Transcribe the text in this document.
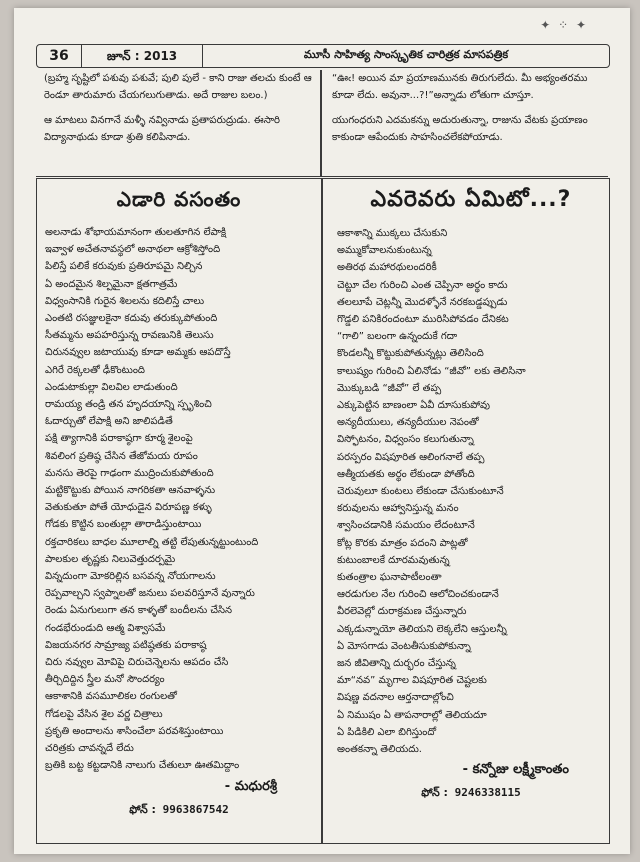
✦ ⁘ ✦
36	జూన్ : 2013	మూసీ సాహిత్య సాంస్కృతిక చారిత్రక మాసపత్రిక

(బ్రహ్మ సృష్టిలో పశువు పశువే; పులి పులే - కాని రాజు తలచు కుంటే ఆ రెండూ తారుమారు చేయగలుగుతాడు. అదే రాజుల బలం.)

ఆ మాటలు వినగానే మళ్ళీ నవ్వినాడు ప్రతాపరుద్రుడు. ఈసారి విద్యానాథుడు కూడా శ్రుతి కలిపినాడు.

“ఊఁ! అయిన మా ప్రయాణమునకు తిరుగులేదు. మీ అభ్యంతరము కూడా లేదు. అవునా...?!”అన్నాడు లోతుగా చూస్తూ.

యుగంధరుని ఎదమకన్ను అదురుతున్నా, రాజును వేటకు ప్రయాణం కాకుండా ఆపేందుకు సాహసించలేకపోయాడు.

ఎడారి వసంతం
అలనాడు శోభాయమానంగా తులతూగిన లేపాక్షి
ఇవ్వాళ అచేతనావస్థలో అనాథలా ఆక్రోశిస్తోంది
పిలిస్తే పలికే కరువుకు ప్రతిరూపమై నిల్చిన
ఏ అందమైన శిల్పమైనా క్షతగాత్రమే
విధ్వంసానికి గురైన శిలలను కదిలిస్తే చాలు
ఎంతటి రసజ్ఞులకైనా కదువు తరుక్కుపోతుంది
సీతమ్మను అపహరిస్తున్న రావణునికి తెలుసు
చిరునవ్వుల జటాయువు కూడా అమ్మకు ఆపదొస్తే
ఎగిరే రెక్కలతో ఢీకొంటుంది
ఎండుటాకుల్లా విలవిల లాడుతుంది
రామయ్య తండ్రి తన హృదయాన్ని స్పృశించి
ఓదార్చుతో లేపాక్షి అని జాలిపడితే
పక్షి త్యాగానికి పరాకాష్ఠగా కూర్మ శైలంపై
శివలింగ ప్రతిష్ఠ చేసిన తేజోమయ రూపం
మనసు తెరపై గాఢంగా ముద్రించుకుపోతుంది
మట్టికొట్టుకు పోయిన నాగరికతా ఆనవాళ్ళను
వెతుకుతూ పోతే యోధుడైన విరూపణ్ణ కళ్ళు
గోడకు కొట్టిన బంతుల్లా తారాడిస్తుంటాయి
రక్తచారికలు బాధల మూలాల్ని తట్టి లేపుతున్నట్టుంటుంది
పాలకుల తృష్ణకు నిలువెత్తుదర్పమై
విన్నదుంగా మోకరిల్లిన బసవన్న నోయగాలను
రెప్పవాల్చని స్వప్నాలతో జనులు పలవరిస్తూనే వున్నారు
రెండు ఏనుగులుగా తన కాళ్ళతో బందీలను చేసిన
గండభేరుండుది ఆత్మ విశ్వాసమే
విజయనగర సామ్రాజ్య పటిష్ఠతకు పరాకాష్ఠ
చిరు నవ్వుల మోవిపై చిరుచెన్నెలను ఆపదం చేసి
తీర్చిదిద్దిన స్త్రీల మనో సౌందర్యం
ఆకాశానికి వసమూలికల రంగులతో
గోడలపై వేసిన శైల వర్ణ చిత్రాలు
ప్రకృతి అందాలను శాసించేలా పరవశిస్తుంటాయి
చరిత్రకు చావన్నదే లేదు
బ్రతికి బట్ట కట్టడానికి నాలుగు చేతులూ ఊతమిద్దాం
- మధురశ్రీ
ఫోన్ : 9963867542
ఎవరెవరు ఏమిటో...?
ఆకాశాన్ని ముక్కలు చేసుకుని
అమ్ముకోవాలనుకుంటున్న
అతిరథ మహారథులందరికీ
చెట్టూ చేల గురించి ఎంత చెప్పినా అర్థం కాదు
తలలూపే చెట్లన్నీ మొదళ్ళోనే నరకబడ్డప్పుడు
గొడ్డలి పనికిరందంటూ మురిసిపోవడం దేనికట
“గాలి” బలంగా ఉన్నందుకే గదా
కొండలన్నీ కొట్టుకుపోతున్నట్లు తెలిసింది
కాలుష్యం గురించి ఏలినోడు “జీవో” లకు తెలిసినా
మొక్కుబడి “జీవో” లే తప్ప
ఎక్కుపెట్టిన బాణంలా ఏవీ దూసుకుపోవు
అన్యదీయులు, తన్యదీయుల నెపంతో
విస్ఫోటనం, విధ్వంసం కలుగుతున్నా
పరస్పరం విషపూరిత ఆలింగనాలే తప్ప
ఆత్మీయతకు అర్థం లేకుండా పోతోంది
చెరువులూ కుంటలు లేకుండా చేసుకుంటూనే
కరువులను ఆహ్వానిస్తున్న మనం
శ్వాసించడానికి సమయం లేదంటూనే
కోట్ల కొరకు మాత్రం పదంని పాట్లతో
కుటుంబాలకే దూరమవుతున్న
కుతంత్రాల ఘనాపాటీలంతా
ఆరడుగుల నేల గురించి ఆలోచించకుండానే
వీరలెవెల్లో దురాక్రమణ చేస్తున్నారు
ఎక్కడున్నాయో తెలియని లెక్కలేని ఆస్తులన్నీ
ఏ మోసగాడు వెంటతీసుకుపోకున్నా
జన జీవితాన్ని దుర్భరం చేస్తున్న
మా“నవ” మృగాల విషపూరిత చెష్టలకు
విషణ్ణ వదనాల ఆర్తనాదాల్లోంచి
ఏ నిముషం ఏ తాపనారాల్లో తెలియదూ
ఏ పిడికిలి ఎలా బిగిస్తుందో
అంతకన్నా తెలియదు.
- కన్నోజు లక్ష్మీకాంతం
ఫోన్ : 9246338115
